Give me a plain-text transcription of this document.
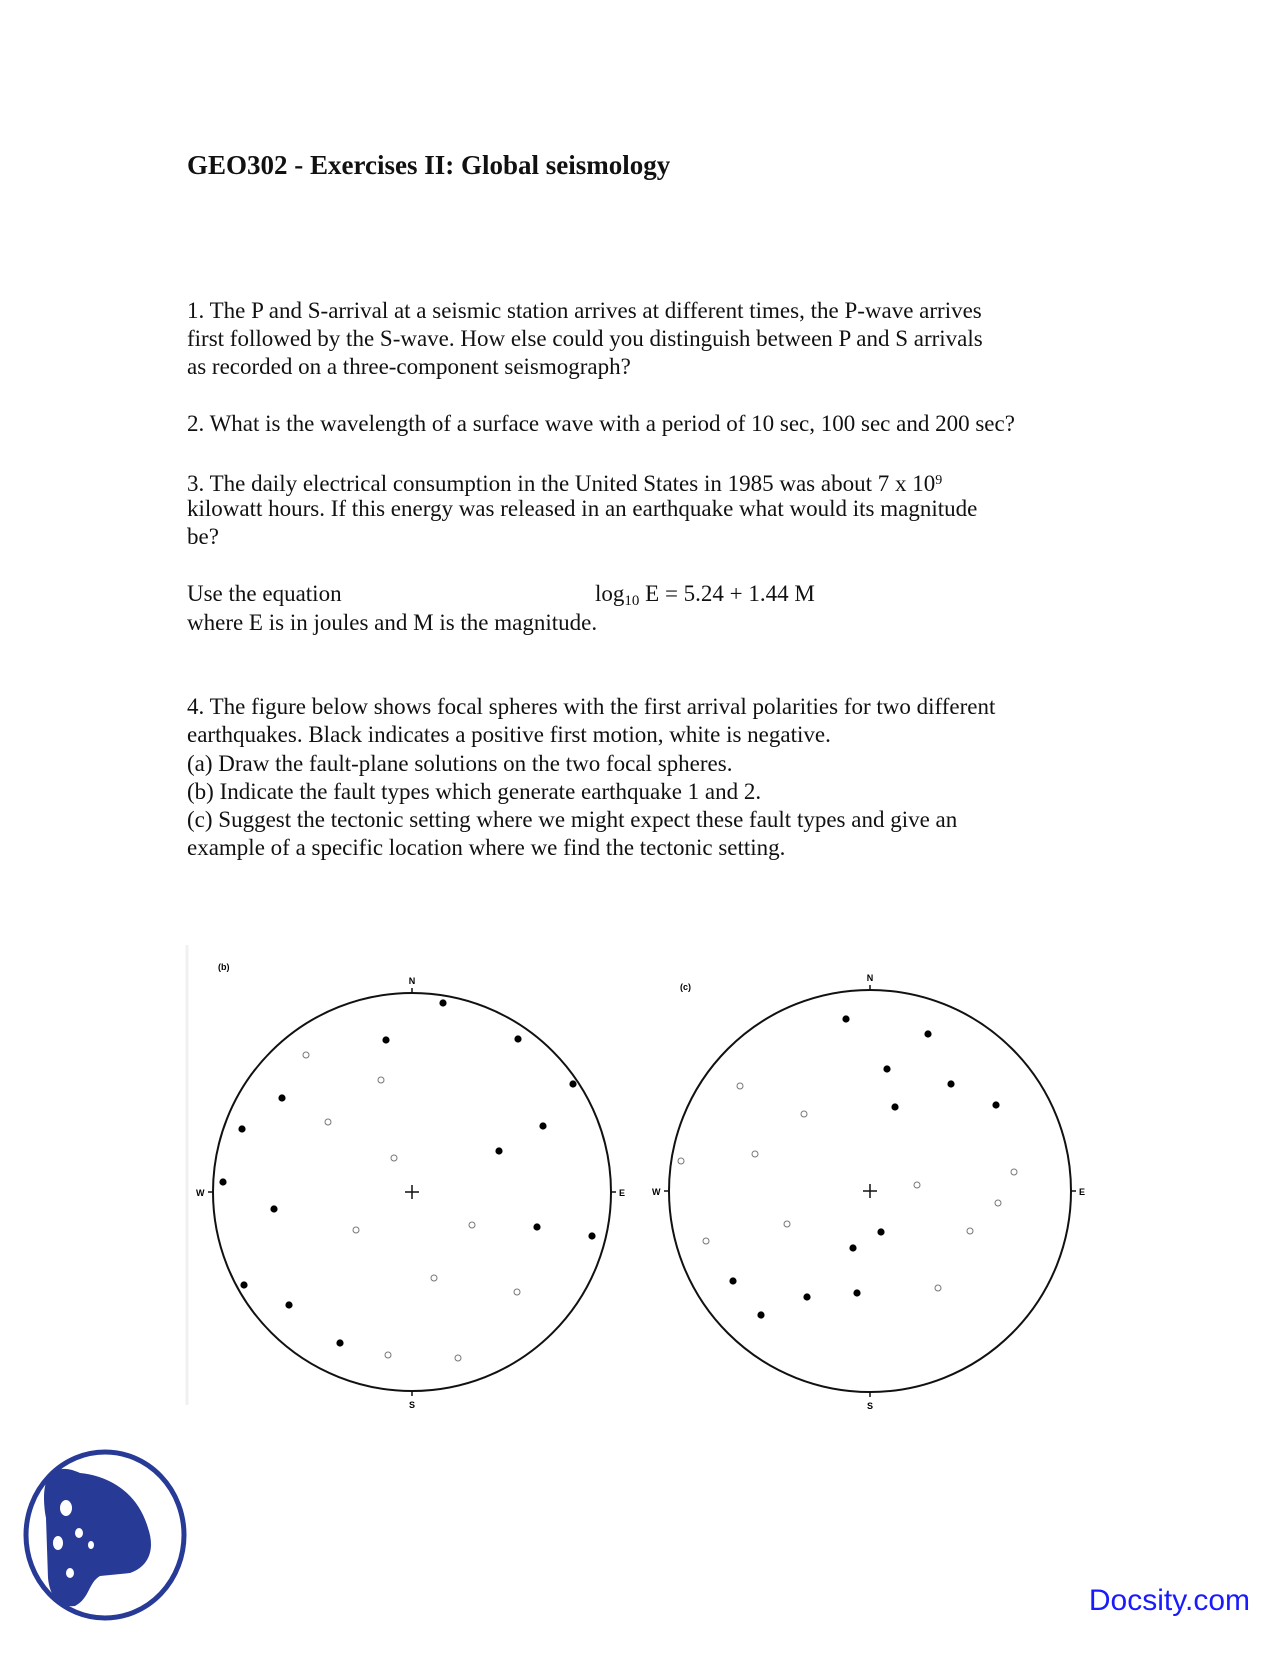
GEO302 - Exercises II: Global seismology
1. The P and S-arrival at a seismic station arrives at different times, the P-wave arrives
first followed by the S-wave. How else could you distinguish between P and S arrivals
as recorded on a three-component seismograph?
2. What is the wavelength of a surface wave with a period of 10 sec, 100 sec and 200 sec?
3. The daily electrical consumption in the United States in 1985 was about 7 x $10^9$
kilowatt hours. If this energy was released in an earthquake what would its magnitude
be?
Use the equation	$\log_{10} E = 5.24 + 1.44$ M
where E is in joules and M is the magnitude.
4. The figure below shows focal spheres with the first arrival polarities for two different
earthquakes. Black indicates a positive first motion, white is negative.
(a) Draw the fault-plane solutions on the two focal spheres.
(b) Indicate the fault types which generate earthquake 1 and 2.
(c) Suggest the tectonic setting where we might expect these fault types and give an
example of a specific location where we find the tectonic setting.
N
S
E
W
(b)
N
S
E
W
(c)
Docsity.com
